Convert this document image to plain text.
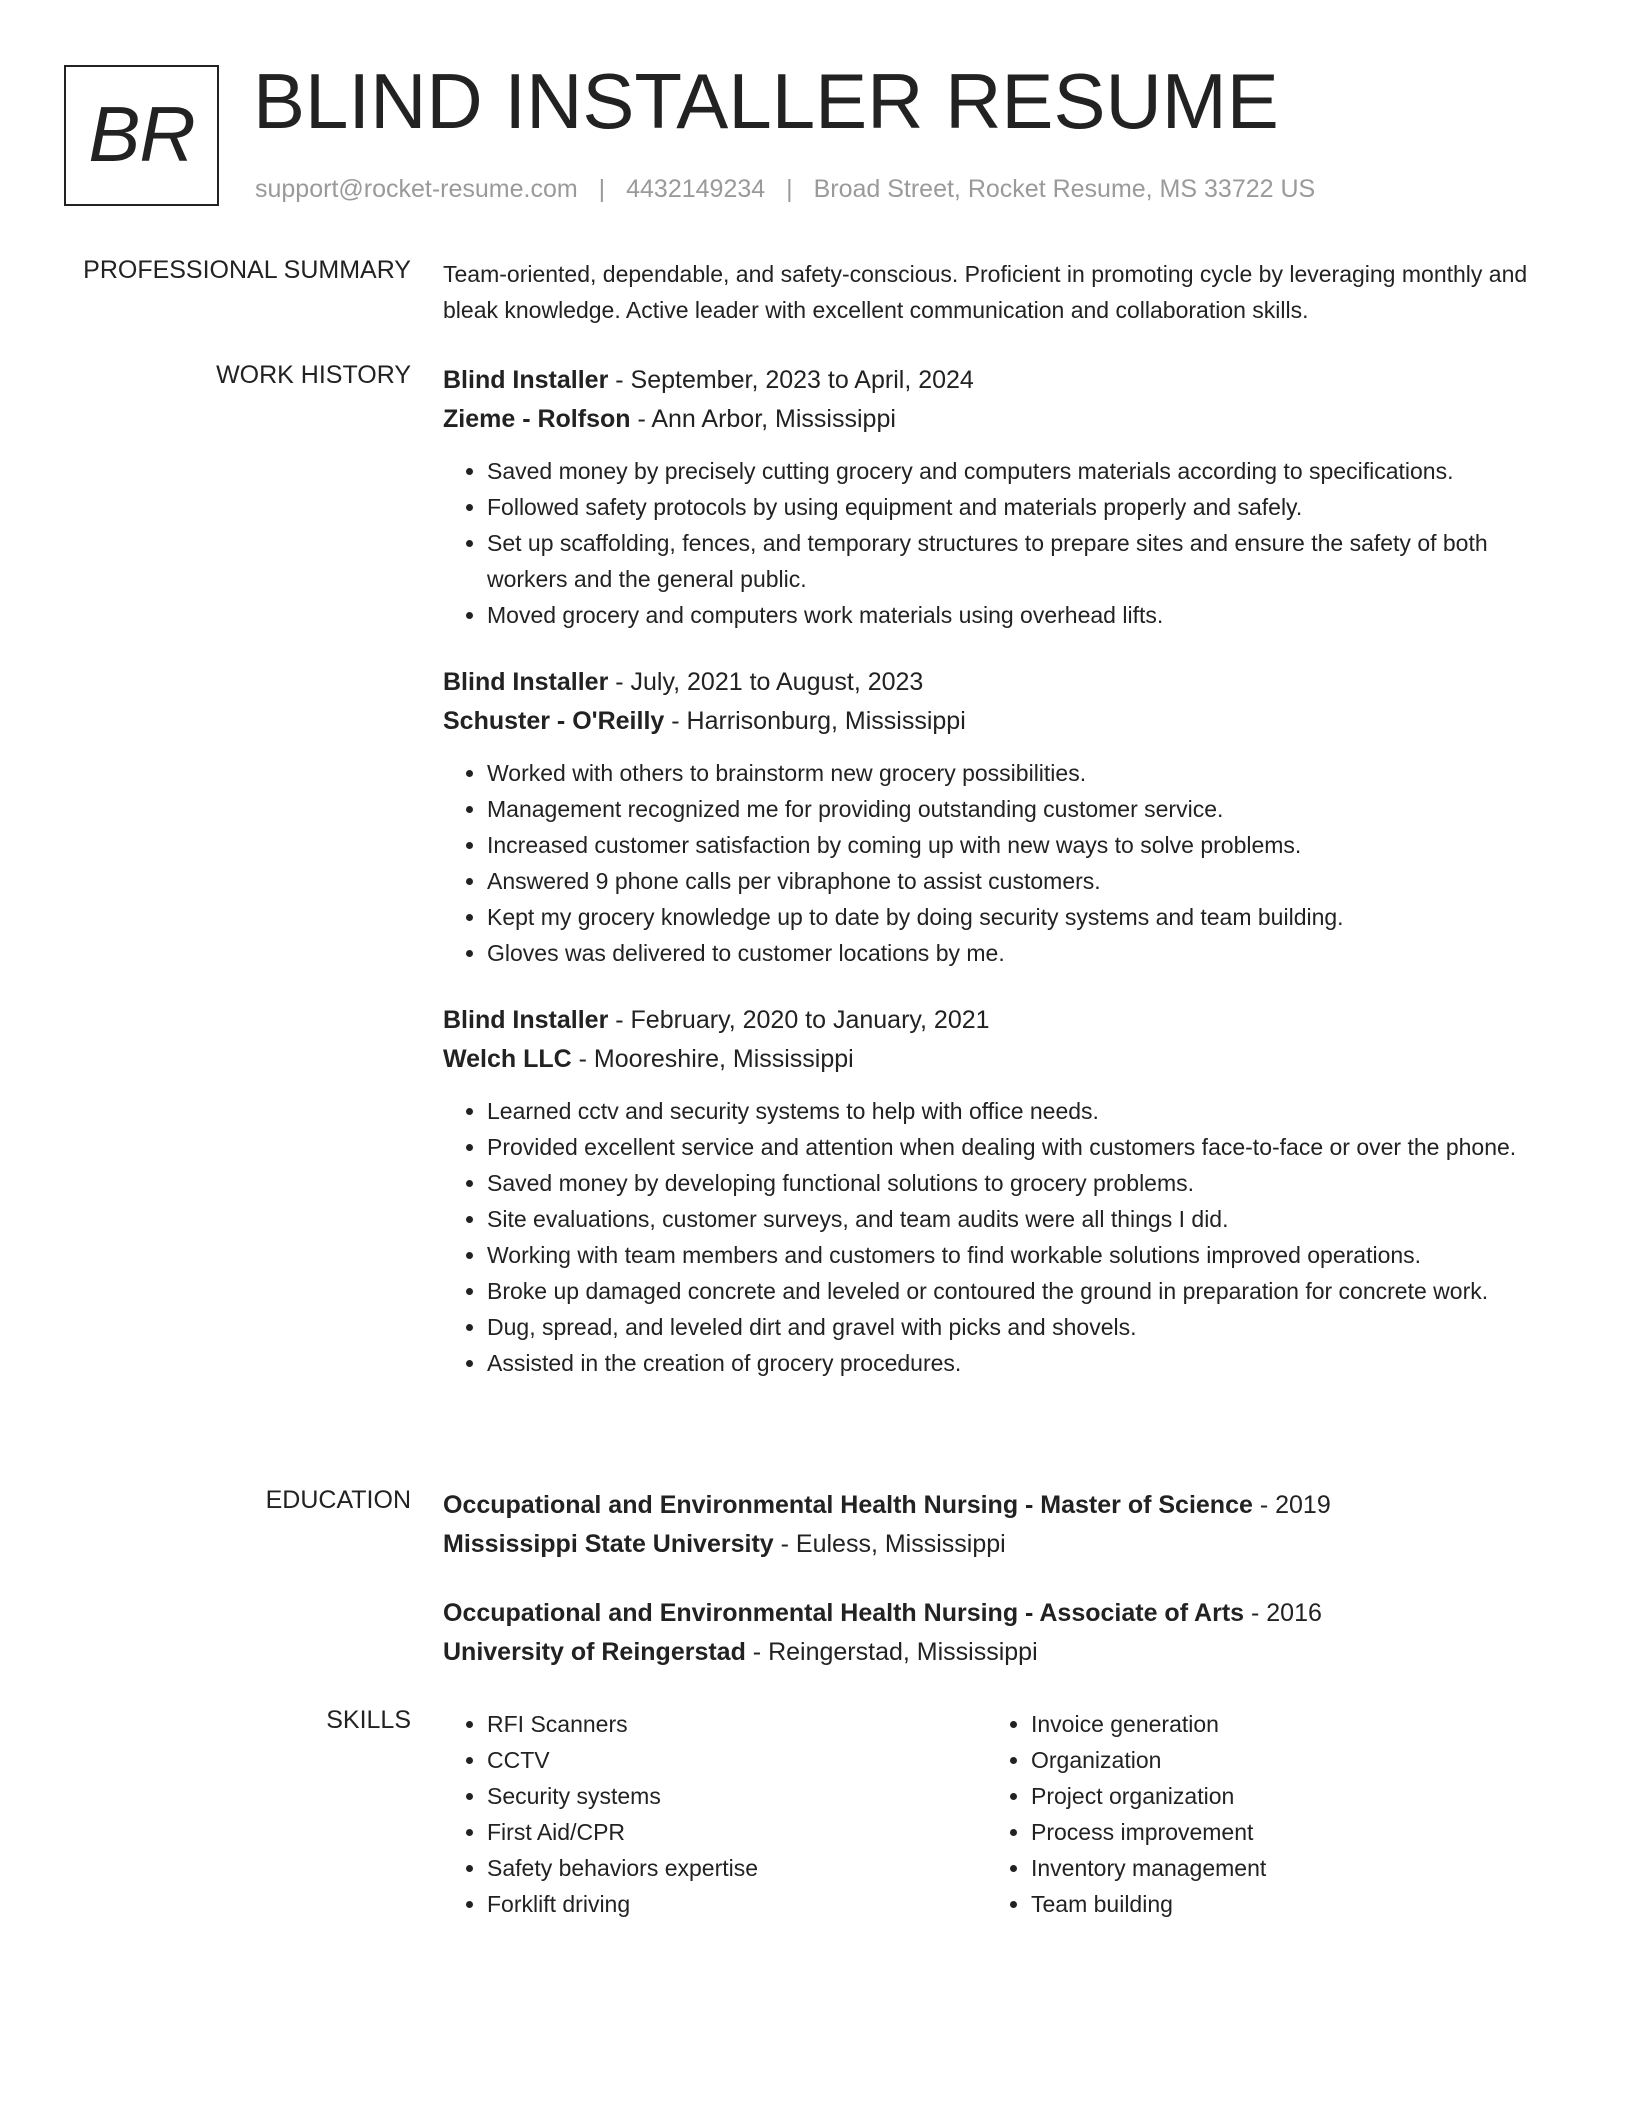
BR BLIND INSTALLER RESUME
support@rocket-resume.com | 4432149234 | Broad Street, Rocket Resume, MS 33722 US
PROFESSIONAL SUMMARY Team-oriented, dependable, and safety-conscious. Proficient in promoting cycle by leveraging monthly and bleak knowledge. Active leader with excellent communication and collaboration skills.

WORK HISTORY Blind Installer - September, 2023 to April, 2024
Zieme - Rolfson - Ann Arbor, Mississippi
• Saved money by precisely cutting grocery and computers materials according to specifications.
• Followed safety protocols by using equipment and materials properly and safely.
• Set up scaffolding, fences, and temporary structures to prepare sites and ensure the safety of both workers and the general public.
• Moved grocery and computers work materials using overhead lifts.
Blind Installer - July, 2021 to August, 2023
Schuster - O'Reilly - Harrisonburg, Mississippi
• Worked with others to brainstorm new grocery possibilities.
• Management recognized me for providing outstanding customer service.
• Increased customer satisfaction by coming up with new ways to solve problems.
• Answered 9 phone calls per vibraphone to assist customers.
• Kept my grocery knowledge up to date by doing security systems and team building.
• Gloves was delivered to customer locations by me.
Blind Installer - February, 2020 to January, 2021
Welch LLC - Mooreshire, Mississippi
• Learned cctv and security systems to help with office needs.
• Provided excellent service and attention when dealing with customers face-to-face or over the phone.
• Saved money by developing functional solutions to grocery problems.
• Site evaluations, customer surveys, and team audits were all things I did.
• Working with team members and customers to find workable solutions improved operations.
• Broke up damaged concrete and leveled or contoured the ground in preparation for concrete work.
• Dug, spread, and leveled dirt and gravel with picks and shovels.
• Assisted in the creation of grocery procedures.
EDUCATION Occupational and Environmental Health Nursing - Master of Science - 2019
Mississippi State University - Euless, Mississippi
Occupational and Environmental Health Nursing - Associate of Arts - 2016
University of Reingerstad - Reingerstad, Mississippi
SKILLS
•	RFI Scanners
• CCTV
• Security systems
• First Aid/CPR
• Safety behaviors expertise
• Forklift driving
• Invoice generation
• Organization
• Project organization
• Process improvement
• Inventory management
• Team building
